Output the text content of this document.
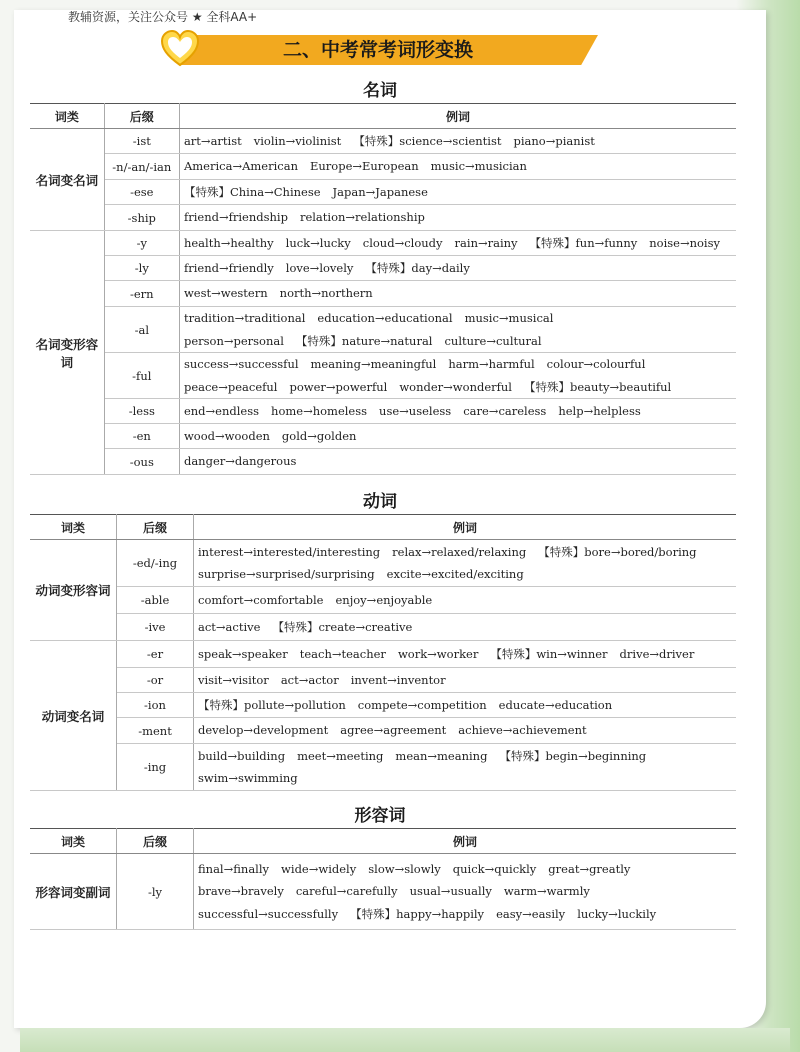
教辅资源，关注公众号 ★ 全科AA+
二、中考常考词形变换
名词
词类	后缀	例词
名词变名词	-ist	art→artist violin→violinist 【特殊】science→scientist piano→pianist

	-n/-an/-ian	America→American Europe→European music→musician

	-ese	【特殊】China→Chinese Japan→Japanese

	-ship	friend→friendship relation→relationship

名词变形容词	-y	health→healthy luck→lucky cloud→cloudy rain→rainy 【特殊】fun→funny noise→noisy

	-ly	friend→friendly love→lovely 【特殊】day→daily

	-ern	west→western north→northern

	-al	tradition→traditional education→educational music→musical
person→personal 【特殊】nature→natural culture→cultural

	-ful	success→successful meaning→meaningful harm→harmful colour→colourful
peace→peaceful power→powerful wonder→wonderful 【特殊】beauty→beautiful

	-less	end→endless home→homeless use→useless care→careless help→helpless

	-en	wood→wooden gold→golden

	-ous	danger→dangerous
动词
词类	后缀	例词
动词变形容词	-ed/-ing	interest→interested/interesting relax→relaxed/relaxing 【特殊】bore→bored/boring
surprise→surprised/surprising excite→excited/exciting

	-able	comfort→comfortable enjoy→enjoyable

	-ive	act→active 【特殊】create→creative

动词变名词	-er	speak→speaker teach→teacher work→worker 【特殊】win→winner drive→driver

	-or	visit→visitor act→actor invent→inventor

	-ion	【特殊】pollute→pollution compete→competition educate→education

	-ment	develop→development agree→agreement achieve→achievement

	-ing	build→building meet→meeting mean→meaning 【特殊】begin→beginning
swim→swimming
形容词
词类	后缀	例词
形容词变副词	-ly	final→finally wide→widely slow→slowly quick→quickly great→greatly
brave→bravely careful→carefully usual→usually warm→warmly
successful→successfully 【特殊】happy→happily easy→easily lucky→luckily
